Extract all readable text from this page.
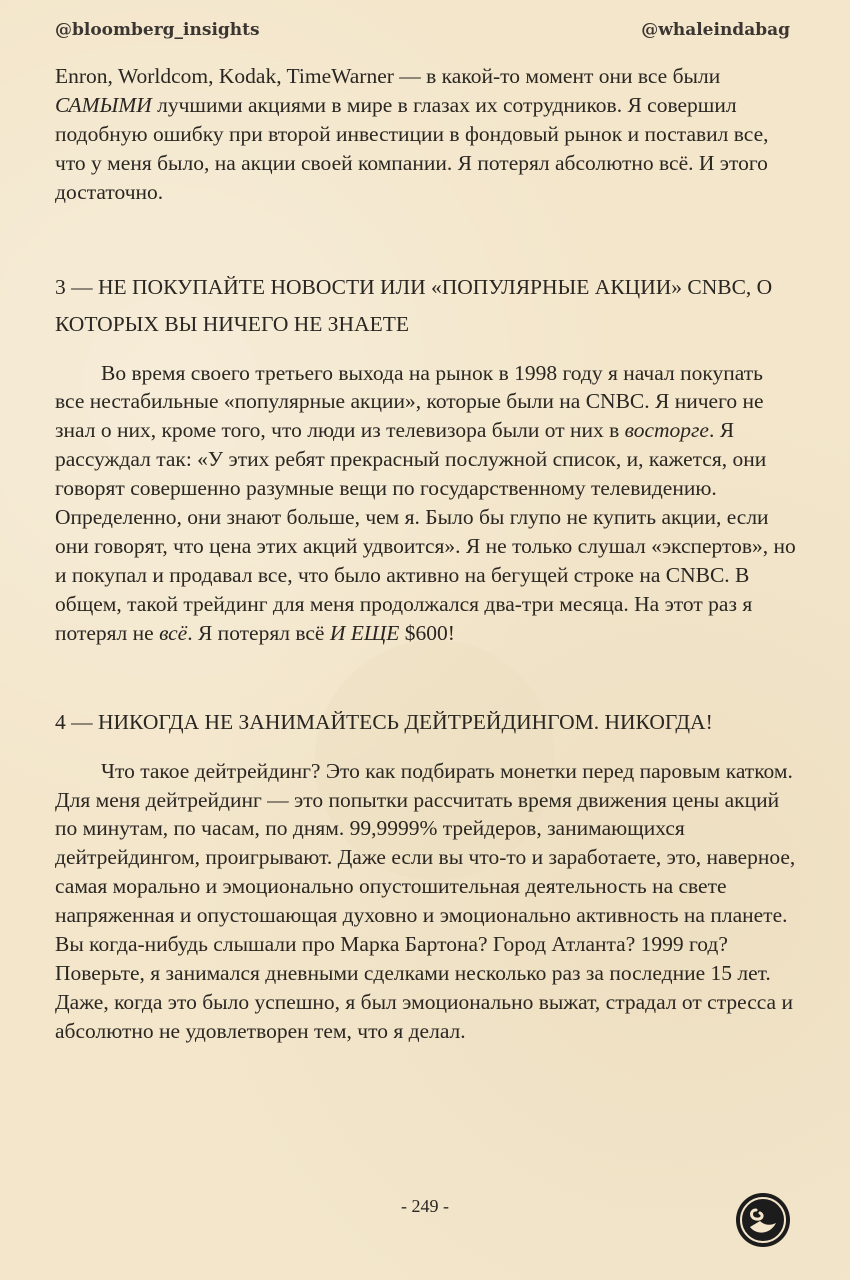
@bloomberg_insights	@whaleindabag

Enron, Worldcom, Kodak, TimeWarner — в какой-то момент они все были САМЫМИ лучшими акциями в мире в глазах их сотрудников. Я совершил подобную ошибку при второй инвестиции в фондовый рынок и поставил все, что у меня было, на акции своей компании. Я потерял абсолютно всё. И этого достаточно.

3 — НЕ ПОКУПАЙТЕ НОВОСТИ ИЛИ «ПОПУЛЯРНЫЕ АКЦИИ» CNBC, О КОТОРЫХ ВЫ НИЧЕГО НЕ ЗНАЕТЕ

Во время своего третьего выхода на рынок в 1998 году я начал покупать все нестабильные «популярные акции», которые были на CNBC. Я ничего не знал о них, кроме того, что люди из телевизора были от них в восторге. Я рассуждал так: «У этих ребят прекрасный послужной список, и, кажется, они говорят совершенно разумные вещи по государственному телевидению. Определенно, они знают больше, чем я. Было бы глупо не купить акции, если они говорят, что цена этих акций удвоится». Я не только слушал «экспертов», но и покупал и продавал все, что было активно на бегущей строке на CNBC. В общем, такой трейдинг для меня продолжался два-три месяца. На этот раз я потерял не всё. Я потерял всё И ЕЩЕ $600!

4 — НИКОГДА НЕ ЗАНИМАЙТЕСЬ ДЕЙТРЕЙДИНГОМ. НИКОГДА!

Что такое дейтрейдинг? Это как подбирать монетки перед паровым катком. Для меня дейтрейдинг — это попытки рассчитать время движения цены акций по минутам, по часам, по дням. 99,9999% трейдеров, занимающихся дейтрейдингом, проигрывают. Даже если вы что-то и заработаете, это, наверное, самая морально и эмоционально опустошительная деятельность на свете напряженная и опустошающая духовно и эмоционально активность на планете. Вы когда-нибудь слышали про Марка Бартона? Город Атланта? 1999 год? Поверьте, я занимался дневными сделками несколько раз за последние 15 лет. Даже, когда это было успешно, я был эмоционально выжат, страдал от стресса и абсолютно не удовлетворен тем, что я делал.

- 249 -
